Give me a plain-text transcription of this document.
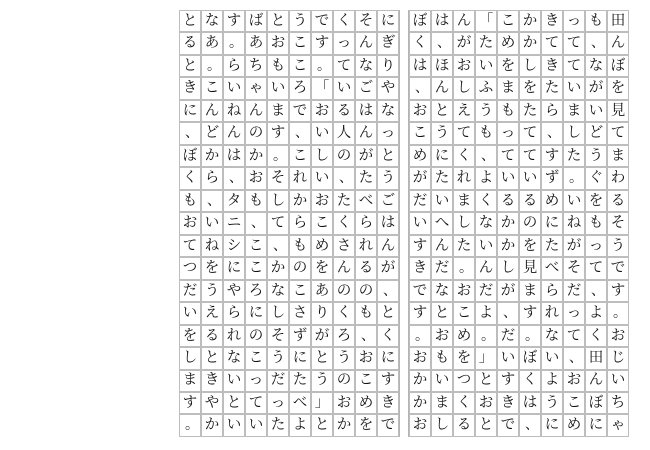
田
ん
ぼ
を
見
て
ま
わ
る
そ
う
で
す
。
お
じ
い
ち
ゃ
も
、
な
が
い
ど
う
ぐ
を
も
っ
て
、
よ
く
田
ん
ぼ
に
っ
て
て
い
ま
し
た
。
い
ね
が
そ
だ
っ
て
、
お
こ
め
き
て
き
た
ら
、
す
ず
め
に
た
べ
ら
れ
な
い
よ
う
に
か
か
し
を
た
て
て
い
る
の
を
見
ま
す
。
ぼ
く
は
、
こ
め
を
ま
も
っ
て
い
る
か
か
し
が
、
だ
い
す
き
で
「
た
い
ふ
う
も
、
よ
く
な
い
ん
だ
よ
。
」
と
お
と
ん
が
お
し
え
て
く
れ
ま
し
た
。
お
こ
め
を
つ
く
る
は
、
ほ
ん
と
う
に
た
い
へ
ん
だ
な
と
お
も
い
ま
し
ぼ
く
は
、
お
こ
め
が
だ
い
す
き
で
す
。
お
か
か
お
に
ぎ
り
や
な
っ
と
う
ご
は
ん
が
、
と
く
に
す
き
で
そ
ん
な
ご
は
ん
が
た
べ
ら
れ
る
の
も
、
お
こ
め
を
く
っ
て
い
る
人
の
、
た
く
さ
ん
の
く
ろ
う
の
お
か
で
す
。
「
お
い
し
い
お
こ
め
を
あ
り
が
と
う
」
と
う
こ
こ
ろ
で
、
こ
れ
か
ら
も
の
こ
さ
ず
に
た
べ
よ
と
お
も
い
ま
す
。
そ
し
て
、
か
な
し
そ
う
だ
っ
た
ば
あ
ち
ゃ
ん
の
か
お
も
、
こ
こ
ろ
に
の
こ
っ
て
い
す
。
ら
い
ね
ん
は
、
タ
ニ
シ
に
や
ら
れ
な
い
と
い
な
あ
。
こ
ん
ど
か
ら
、
い
ね
を
う
え
る
と
き
や
か
と
る
と
き
に
、
ぼ
く
も
お
て
つ
だ
い
を
し
ま
す
。
